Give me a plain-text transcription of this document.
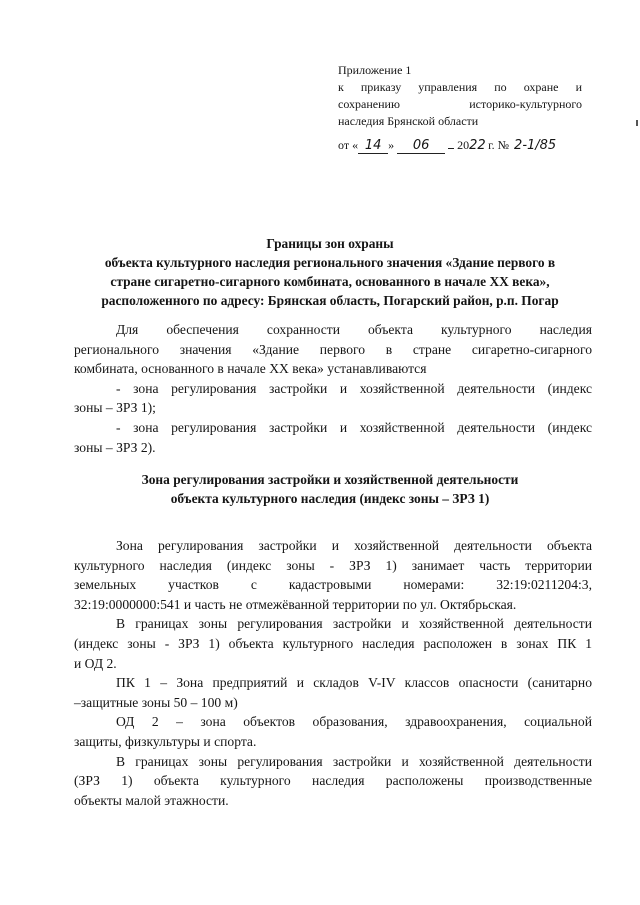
Приложение 1
к приказу управления по охране и
сохранению историко-культурного
наследия Брянской области
от « 14 » 06 2022 г. № 2-1/85
Границы зон охраны
объекта культурного наследия регионального значения «Здание первого в
стране сигаретно-сигарного комбината, основанного в начале XX века»,
расположенного по адресу: Брянская область, Погарский район, р.п. Погар
Для обеспечения сохранности объекта культурного наследия
регионального значения «Здание первого в стране сигаретно-сигарного
комбината, основанного в начале XX века» устанавливаются
- зона регулирования застройки и хозяйственной деятельности (индекс
зоны – ЗРЗ 1);
- зона регулирования застройки и хозяйственной деятельности (индекс
зоны – ЗРЗ 2).
Зона регулирования застройки и хозяйственной деятельности
объекта культурного наследия (индекс зоны – ЗРЗ 1)
Зона регулирования застройки и хозяйственной деятельности объекта
культурного наследия (индекс зоны - ЗРЗ 1) занимает часть территории
земельных участков с кадастровыми номерами: 32:19:0211204:3,
32:19:0000000:541 и часть не отмежёванной территории по ул. Октябрьская.
В границах зоны регулирования застройки и хозяйственной деятельности
(индекс зоны - ЗРЗ 1) объекта культурного наследия расположен в зонах ПК 1
и ОД 2.
ПК 1 – Зона предприятий и складов V-IV классов опасности (санитарно
–защитные зоны 50 – 100 м)
ОД 2 – зона объектов образования, здравоохранения, социальной
защиты, физкультуры и спорта.
В границах зоны регулирования застройки и хозяйственной деятельности
(ЗРЗ 1) объекта культурного наследия расположены производственные
объекты малой этажности.
